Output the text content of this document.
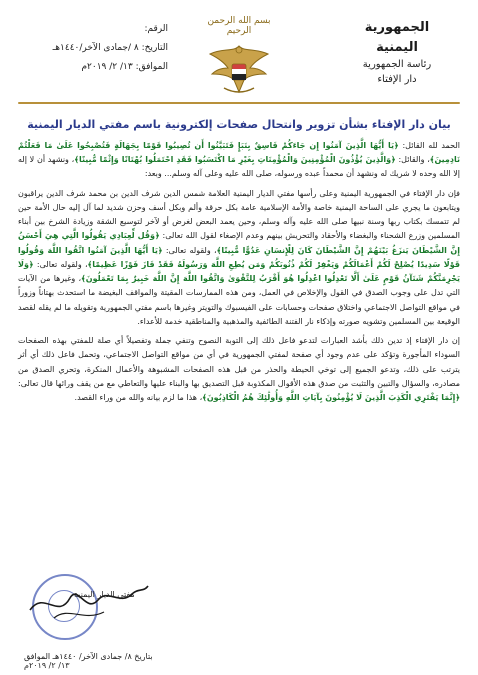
الجمهورية اليمنية
رئاسة الجمهورية
دار الإفتاء
بسم الله الرحمن الرحيم
الرقم:
التاريخ: ٨ /جمادى الآخر/١٤٤٠هـ
الموافق: ١٣/ ٢/ ٢٠١٩م
بيان دار الإفتاء بشأن تزوير وانتحال صفحات إلكترونية باسم مفتي الديار اليمنية

الحمد لله القائل: ﴿يَا أَيُّهَا الَّذِينَ آمَنُوا إِن جَاءَكُمْ فَاسِقٌ بِنَبَإٍ فَتَبَيَّنُوا أَن تُصِيبُوا قَوْمًا بِجَهَالَةٍ فَتُصْبِحُوا عَلَىٰ مَا فَعَلْتُمْ نَادِمِينَ﴾، والقائل: ﴿وَالَّذِينَ يُؤْذُونَ الْمُؤْمِنِينَ وَالْمُؤْمِنَاتِ بِغَيْرِ مَا اكْتَسَبُوا فَقَدِ احْتَمَلُوا بُهْتَانًا وَإِثْمًا مُّبِينًا﴾، ونشهد أن لا إله إلا الله وحده لا شريك له ونشهد أن محمداً عبده ورسوله، صلى الله عليه وعلى آله وسلم... وبعد:

فإن دار الإفتاء في الجمهورية اليمنية وعلى رأسها مفتي الديار اليمنية العلامة شمس الدين شرف الدين بن محمد شرف الدين يراقبون ويتابعون ما يجري على الساحة اليمنية خاصة والأمة الإسلامية عامة بكل حرقة وألم وبكل أسف وحزن شديد لما آل إليه حال الأمة حين لم تتمسك بكتاب ربها وسنة نبيها صلى الله عليه وآله وسلم، وحين يعمد البعض لغرض أو لآخر لتوسيع الشقة وزيادة الشرخ بين أبناء المسلمين وزرع الشحناء والبغضاء والأحقاد والتحريش بينهم وعدم الإصغاء لقول الله تعالى: ﴿وَقُل لِّعِبَادِي يَقُولُوا الَّتِي هِيَ أَحْسَنُ إِنَّ الشَّيْطَانَ يَنزَغُ بَيْنَهُمْ إِنَّ الشَّيْطَانَ كَانَ لِلْإِنسَانِ عَدُوًّا مُّبِينًا﴾، ولقوله تعالى: ﴿يَا أَيُّهَا الَّذِينَ آمَنُوا اتَّقُوا اللَّهَ وَقُولُوا قَوْلًا سَدِيدًا يُصْلِحْ لَكُمْ أَعْمَالَكُمْ وَيَغْفِرْ لَكُمْ ذُنُوبَكُمْ وَمَن يُطِعِ اللَّهَ وَرَسُولَهُ فَقَدْ فَازَ فَوْزًا عَظِيمًا﴾، ولقوله تعالى: ﴿وَلَا يَجْرِمَنَّكُمْ شَنَآنُ قَوْمٍ عَلَىٰ أَلَّا تَعْدِلُوا اعْدِلُوا هُوَ أَقْرَبُ لِلتَّقْوَىٰ وَاتَّقُوا اللَّهَ إِنَّ اللَّهَ خَبِيرٌ بِمَا تَعْمَلُونَ﴾، وغيرها من الآيات التي تدل على وجوب الصدق في القول والإخلاص في العمل، ومن هذه الممارسات المقيتة والمواقف البغيضة ما استحدث بهتاناً وزوراً في مواقع التواصل الاجتماعي واختلاق صفحات وحسابات على الفيسبوك والتويتر وغيرها باسم مفتي الجمهورية وتقويله ما لم يقله لقصد الوقيعة بين المسلمين وتشويه صورته وإذكاء نار الفتنة الطائفية والمذهبية والمناطقية خدمة للأعداء.

إن دار الإفتاء إذ تدين ذلك بأشد العبارات لتدعو فاعل ذلك إلى التوبة النصوح وتنفي جملة وتفصيلاً أي صلة للمفتي بهذه الصفحات السوداء المأجورة وتؤكد على عدم وجود أي صفحة لمفتي الجمهورية في أي من مواقع التواصل الاجتماعي، وتحمل فاعل ذلك أي أثر يترتب على ذلك، وتدعو الجميع إلى توخي الحيطة والحذر من قبل هذه الصفحات المشبوهة والأعمال المنكرة، وتحري الصدق من مصادره، والسؤال والتبين والتثبت من صدق هذه الأقوال المكذوبة قبل التصديق بها والبناء عليها والتعاطي مع من يقف ورائها قال تعالى: ﴿إِنَّمَا يَفْتَرِي الْكَذِبَ الَّذِينَ لَا يُؤْمِنُونَ بِآيَاتِ اللَّهِ وَأُولَٰئِكَ هُمُ الْكَاذِبُونَ﴾، هذا ما لزم بيانه والله من وراء القصد.

مفتي الديار اليمنية
بتاريخ ٨/ جمادى الآخر/ ١٤٤٠هـ الموافق ١٣/ ٢/ ٢٠١٩م
